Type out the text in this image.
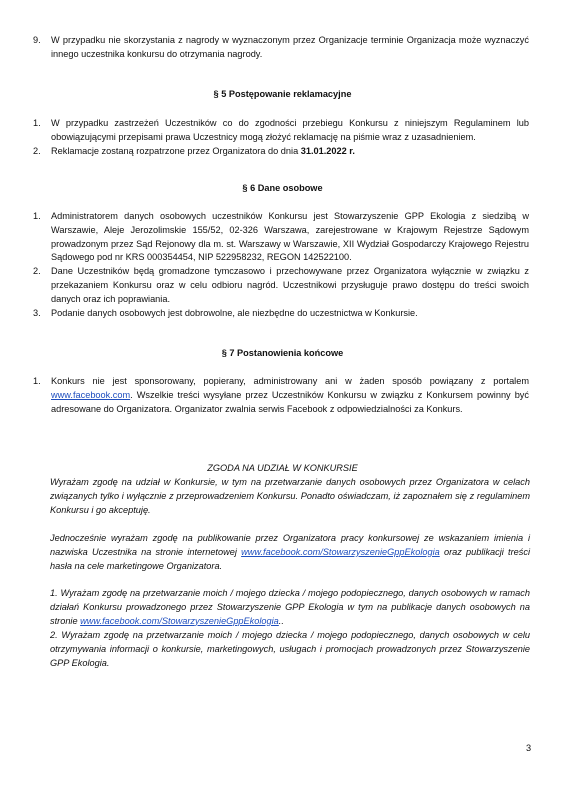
9. W przypadku nie skorzystania z nagrody w wyznaczonym przez Organizacje terminie Organizacja może wyznaczyć innego uczestnika konkursu do otrzymania nagrody.
§ 5 Postępowanie reklamacyjne
1. W przypadku zastrzeżeń Uczestników co do zgodności przebiegu Konkursu z niniejszym Regulaminem lub obowiązującymi przepisami prawa Uczestnicy mogą złożyć reklamację na piśmie wraz z uzasadnieniem.
2. Reklamacje zostaną rozpatrzone przez Organizatora do dnia 31.01.2022 r.
§ 6 Dane osobowe
1. Administratorem danych osobowych uczestników Konkursu jest Stowarzyszenie GPP Ekologia z siedzibą w Warszawie, Aleje Jerozolimskie 155/52, 02-326 Warszawa, zarejestrowane w Krajowym Rejestrze Sądowym prowadzonym przez Sąd Rejonowy dla m. st. Warszawy w Warszawie, XII Wydział Gospodarczy Krajowego Rejestru Sądowego pod nr KRS 000354454, NIP 522958232, REGON 142522100.
2. Dane Uczestników będą gromadzone tymczasowo i przechowywane przez Organizatora wyłącznie w związku z przekazaniem Konkursu oraz w celu odbioru nagród. Uczestnikowi przysługuje prawo dostępu do treści swoich danych oraz ich poprawiania.
3. Podanie danych osobowych jest dobrowolne, ale niezbędne do uczestnictwa w Konkursie.
§ 7 Postanowienia końcowe
1. Konkurs nie jest sponsorowany, popierany, administrowany ani w żaden sposób powiązany z portalem www.facebook.com. Wszelkie treści wysyłane przez Uczestników Konkursu w związku z Konkursem powinny być adresowane do Organizatora. Organizator zwalnia serwis Facebook z odpowiedzialności za Konkurs.
ZGODA NA UDZIAŁ W KONKURSIE
Wyrażam zgodę na udział w Konkursie, w tym na przetwarzanie danych osobowych przez Organizatora w celach związanych tylko i wyłącznie z przeprowadzeniem Konkursu. Ponadto oświadczam, iż zapoznałem się z regulaminem Konkursu i go akceptuję.
Jednocześnie wyrażam zgodę na publikowanie przez Organizatora pracy konkursowej ze wskazaniem imienia i nazwiska Uczestnika na stronie internetowej www.facebook.com/StowarzyszenieGppEkologia oraz publikacji treści hasła na cele marketingowe Organizatora.
1. Wyrażam zgodę na przetwarzanie moich / mojego dziecka / mojego podopiecznego, danych osobowych w ramach działań Konkursu prowadzonego przez Stowarzyszenie GPP Ekologia w tym na publikacje danych osobowych na stronie www.facebook.com/StowarzyszenieGppEkologia..
2. Wyrażam zgodę na przetwarzanie moich / mojego dziecka / mojego podopiecznego, danych osobowych w celu otrzymywania informacji o konkursie, marketingowych, usługach i promocjach prowadzonych przez Stowarzyszenie GPP Ekologia.
3
